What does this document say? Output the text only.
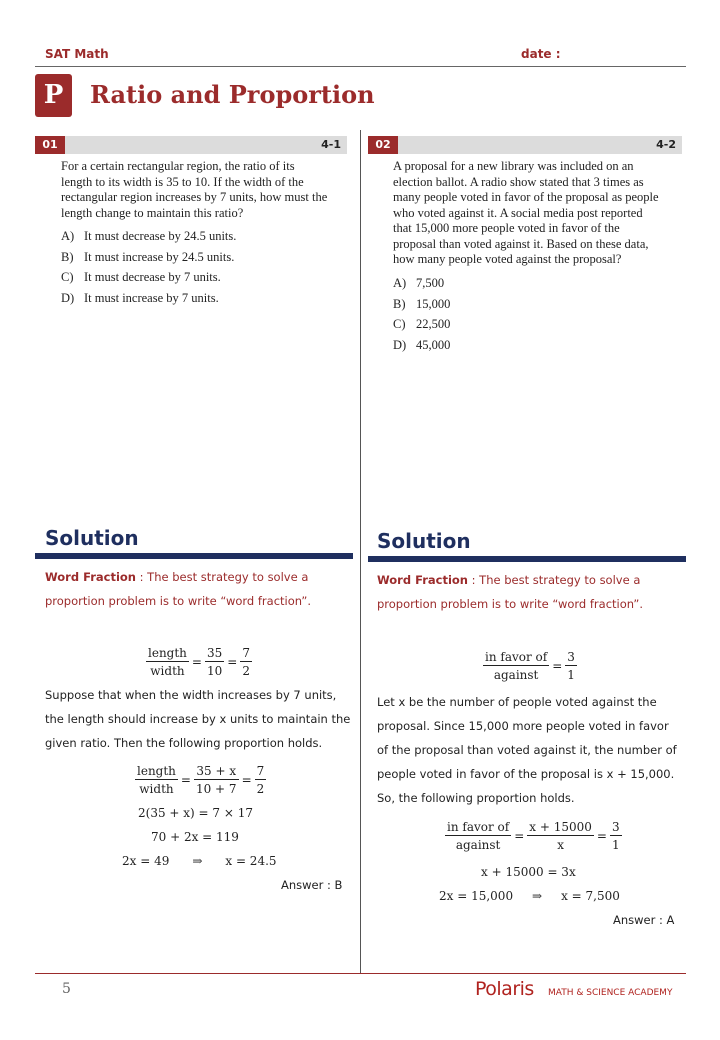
SAT Math	date :
P	Ratio and Proportion
01	4-1
For a certain rectangular region, the ratio of its
length to its width is 35 to 10. If the width of the
rectangular region increases by 7 units, how must the
length change to maintain this ratio?
A) It must decrease by 24.5 units.
B) It must increase by 24.5 units.
C) It must decrease by 7 units.
D) It must increase by 7 units.
02	4-2
A proposal for a new library was included on an
election ballot. A radio show stated that 3 times as
many people voted in favor of the proposal as people
who voted against it. A social media post reported
that 15,000 more people voted in favor of the
proposal than voted against it. Based on these data,
how many people voted against the proposal?
A) 7,500
B) 15,000
C) 22,500
D) 45,000
Solution
Word Fraction : The best strategy to solve a
proportion problem is to write “word fraction”.
$\frac{\text{length}}{\text{width}} = \frac{35}{10} = \frac{7}{2}$
Suppose that when the width increases by 7 units,
the length should increase by x units to maintain the
given ratio. Then the following proportion holds.
$\frac{\text{length}}{\text{width}} = \frac{35 + x}{10 + 7} = \frac{7}{2}$
2(35 + x) = 7 × 17
70 + 2x = 119
2x = 49 ⇒ x = 24.5
Answer : B
Solution
Word Fraction : The best strategy to solve a
proportion problem is to write “word fraction”.
$\frac{\text{in favor of}}{\text{against}} = \frac{3}{1}$
Let x be the number of people voted against the
proposal. Since 15,000 more people voted in favor
of the proposal than voted against it, the number of
people voted in favor of the proposal is x + 15,000.
So, the following proportion holds.
$\frac{\text{in favor of}}{\text{against}} = \frac{x + 15000}{x} = \frac{3}{1}$
x + 15000 = 3x
2x = 15,000 ⇒ x = 7,500
Answer : A
5	Polaris MATH & SCIENCE ACADEMY
